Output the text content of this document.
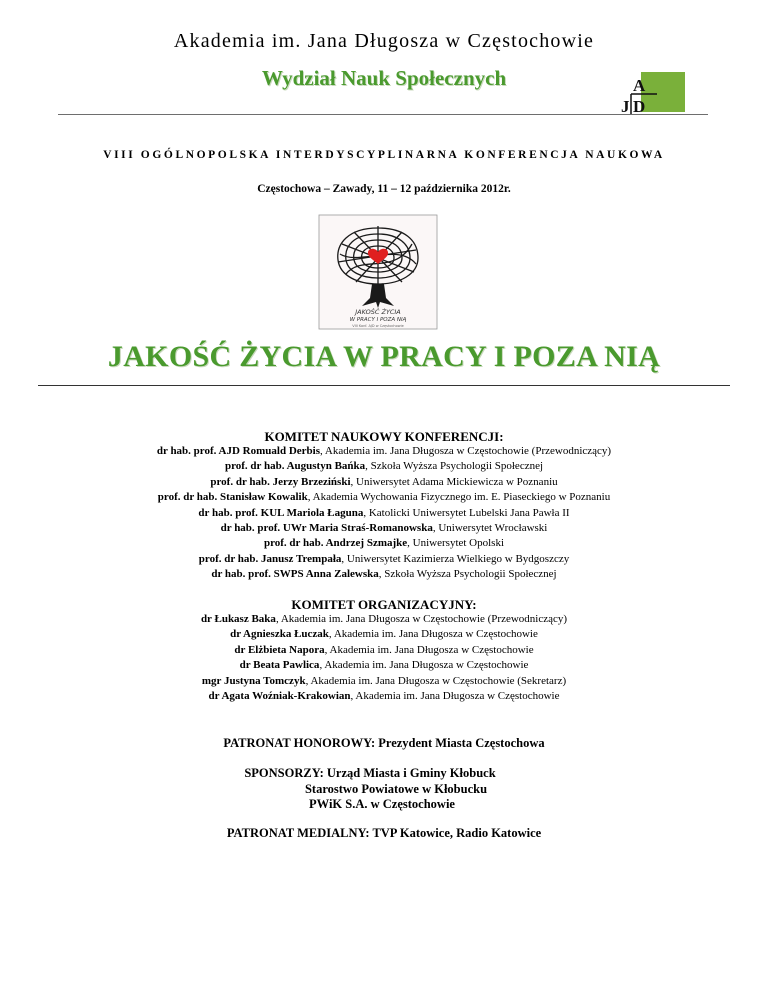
Akademia im. Jana Długosza w Częstochowie
Wydział Nauk Społecznych	A
J D
VIII OGÓLNOPOLSKA INTERDYSCYPLINARNA KONFERENCJA NAUKOWA
Częstochowa – Zawady, 11 – 12 października 2012r.
JAKOŚĆ ŻYCIA
W PRACY I POZA NIĄ
VIII Konf. AJD w Częstochowie
JAKOŚĆ ŻYCIA W PRACY I POZA NIĄ
KOMITET NAUKOWY KONFERENCJI:
dr hab. prof. AJD Romuald Derbis, Akademia im. Jana Długosza w Częstochowie (Przewodniczący)
prof. dr hab. Augustyn Bańka, Szkoła Wyższa Psychologii Społecznej
prof. dr hab. Jerzy Brzeziński, Uniwersytet Adama Mickiewicza w Poznaniu
prof. dr hab. Stanisław Kowalik, Akademia Wychowania Fizycznego im. E. Piaseckiego w Poznaniu
dr hab. prof. KUL Mariola Łaguna, Katolicki Uniwersytet Lubelski Jana Pawła II
dr hab. prof. UWr Maria Straś-Romanowska, Uniwersytet Wrocławski
prof. dr hab. Andrzej Szmajke, Uniwersytet Opolski
prof. dr hab. Janusz Trempała, Uniwersytet Kazimierza Wielkiego w Bydgoszczy
dr hab. prof. SWPS Anna Zalewska, Szkoła Wyższa Psychologii Społecznej
KOMITET ORGANIZACYJNY:
dr Łukasz Baka, Akademia im. Jana Długosza w Częstochowie (Przewodniczący)
dr Agnieszka Łuczak, Akademia im. Jana Długosza w Częstochowie
dr Elżbieta Napora, Akademia im. Jana Długosza w Częstochowie
dr Beata Pawlica, Akademia im. Jana Długosza w Częstochowie
mgr Justyna Tomczyk, Akademia im. Jana Długosza w Częstochowie (Sekretarz)
dr Agata Woźniak-Krakowian, Akademia im. Jana Długosza w Częstochowie
PATRONAT HONOROWY: Prezydent Miasta Częstochowa
SPONSORZY: Urząd Miasta i Gminy Kłobuck
Starostwo Powiatowe w Kłobucku
PWiK S.A. w Częstochowie
PATRONAT MEDIALNY: TVP Katowice, Radio Katowice
